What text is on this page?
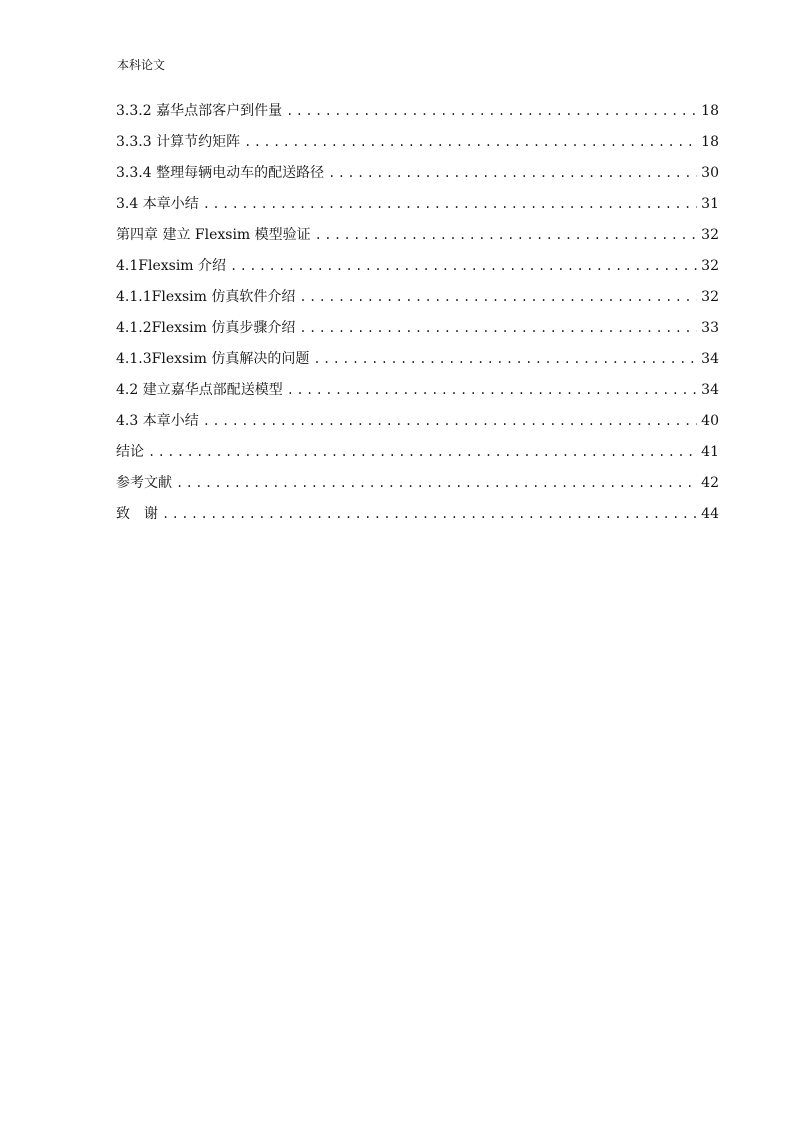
本科论文
3.3.2 嘉华点部客户到件量 .....	18
3.3.3 计算节约矩阵 .....	18
3.3.4 整理每辆电动车的配送路径 .....	30
3.4 本章小结 .....	31
第四章 建立 Flexsim 模型验证 .....	32
4.1Flexsim 介绍 .....	32
4.1.1Flexsim 仿真软件介绍 .....	32
4.1.2Flexsim 仿真步骤介绍 .....	33
4.1.3Flexsim 仿真解决的问题 .....	34
4.2 建立嘉华点部配送模型 .....	34
4.3 本章小结 .....	40
结论 .....	41
参考文献 .....	42
致　谢 .....	44
